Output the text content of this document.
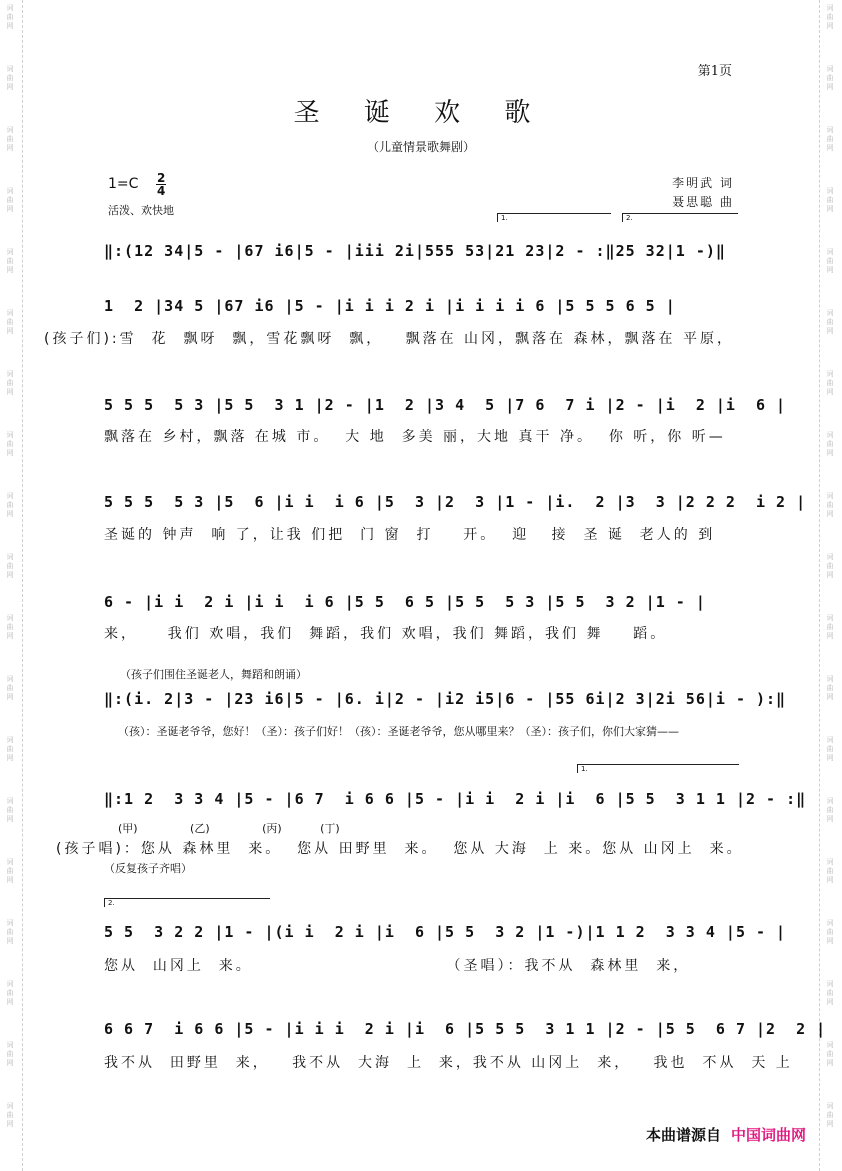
词曲网
词曲网
词曲网
词曲网
词曲网
词曲网
词曲网
词曲网
词曲网
词曲网
词曲网
词曲网
词曲网
词曲网
词曲网
词曲网
词曲网
词曲网
词曲网
词曲网
词曲网
词曲网
词曲网
词曲网
词曲网
词曲网
词曲网
词曲网
词曲网
词曲网
词曲网
词曲网
词曲网
词曲网
词曲网
词曲网
词曲网
词曲网
第1页
圣 诞 欢 歌
（儿童情景歌舞剧）
1=C 2
4
活泼、欢快地
李明武 词
聂思聪 曲
1.	2.
‖:(12 34|5 - |67 i6|5 - |iii 2i|555 53|21 23|2 - :‖25 32|1 -)‖
1  2 |34 5 |67 i6 |5 - |i i i 2 i |i i i i 6 |5 5 5 6 5 |
(孩子们):雪  花  飘呀  飘，雪花飘呀  飘，   飘落在 山冈，飘落在 森林，飘落在 平原，
5 5 5  5 3 |5 5  3 1 |2 - |1  2 |3 4  5 |7 6  7 i |2 - |i  2 |i  6 |
飘落在 乡村，飘落 在城 市。  大 地  多美 丽，大地 真干 净。  你 听，你 听—
5 5 5  5 3 |5  6 |i i  i 6 |5  3 |2  3 |1 - |i.  2 |3  3 |2 2 2  i 2 |
圣诞的 钟声  响 了，让我 们把  门 窗  打    开。  迎   接  圣 诞  老人的 到
6 - |i i  2 i |i i  i 6 |5 5  6 5 |5 5  5 3 |5 5  3 2 |1 - |
来，    我们 欢唱，我们  舞蹈，我们 欢唱，我们 舞蹈，我们 舞    蹈。
（孩子们围住圣诞老人，舞蹈和朗诵）
‖:(i. 2|3 - |23 i6|5 - |6. i|2 - |i2 i5|6 - |55 6i|2 3|2i 56|i - ):‖
（孩）：圣诞老爷爷，您好！（圣）：孩子们好！（孩）：圣诞老爷爷，您从哪里来？（圣）：孩子们，你们大家猜——
1.
‖:1 2  3 3 4 |5 - |6 7  i 6 6 |5 - |i i  2 i |i  6 |5 5  3 1 1 |2 - :‖
(甲)               (乙)               (丙)           (丁)
(孩子唱)：您从 森林里  来。  您从 田野里  来。  您从 大海  上 来。您从 山冈上  来。
（反复孩子齐唱）
2.
5 5  3 2 2 |1 - |(i i  2 i |i  6 |5 5  3 2 |1 -)|1 1 2  3 3 4 |5 - |
您从  山冈上  来。                          （圣唱）：我不从  森林里  来，
6 6 7  i 6 6 |5 - |i i i  2 i |i  6 |5 5 5  3 1 1 |2 - |5 5  6 7 |2  2 |
我不从  田野里  来，   我不从  大海  上  来，我不从 山冈上  来，   我也  不从  天 上
本曲谱源自 中国词曲网
